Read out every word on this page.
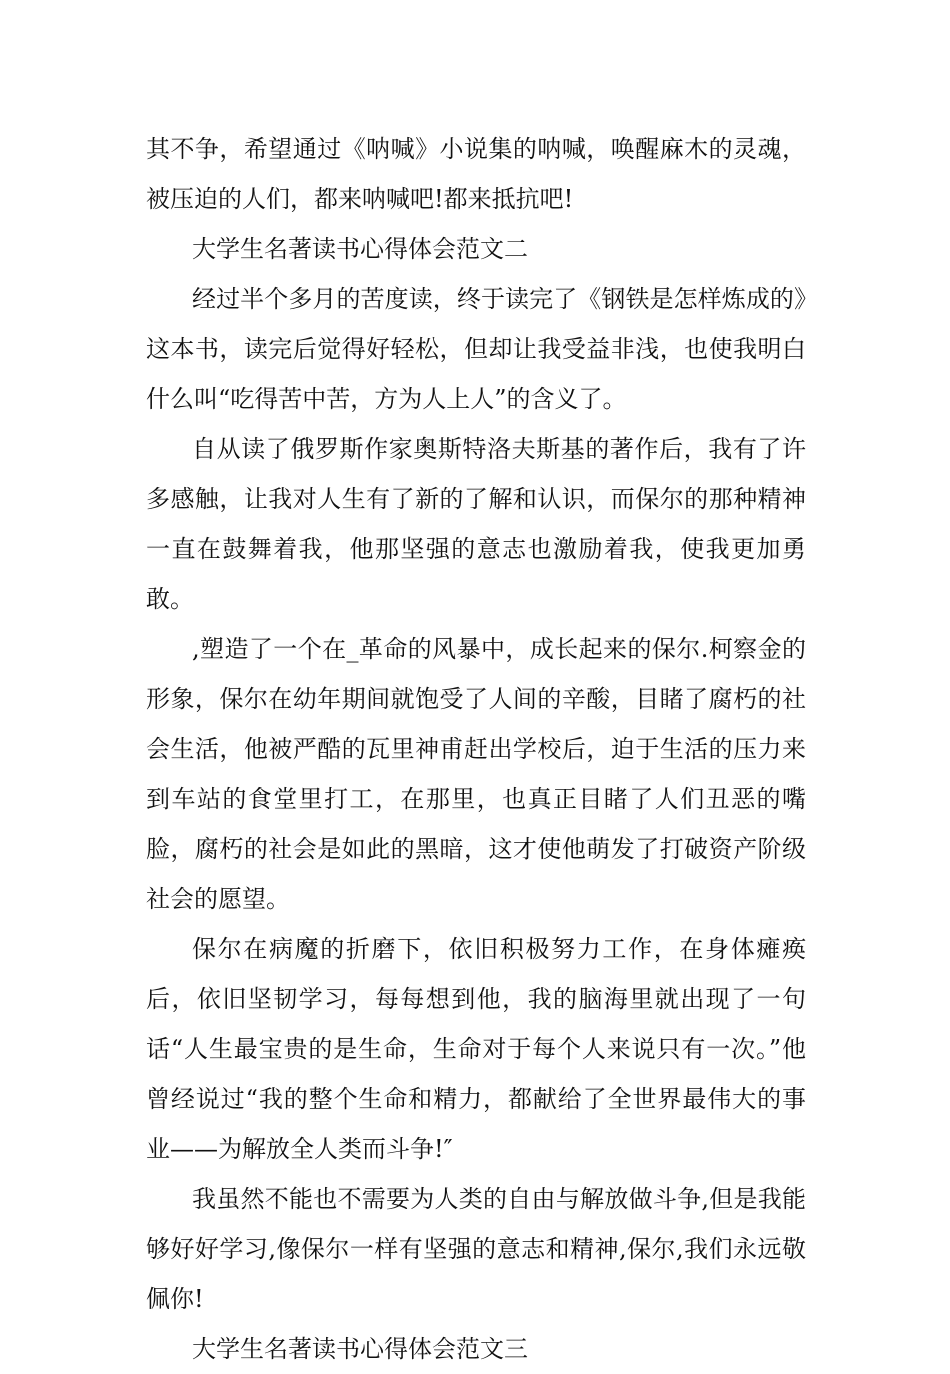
其不争，希望通过《呐喊》小说集的呐喊，唤醒麻木的灵魂，被压迫的人们，都来呐喊吧!都来抵抗吧!

大学生名著读书心得体会范文二

经过半个多月的苦度读，终于读完了《钢铁是怎样炼成的》这本书，读完后觉得好轻松，但却让我受益非浅，也使我明白什么叫“吃得苦中苦，方为人上人”的含义了。

自从读了俄罗斯作家奥斯特洛夫斯基的著作后，我有了许多感触，让我对人生有了新的了解和认识，而保尔的那种精神一直在鼓舞着我，他那坚强的意志也激励着我，使我更加勇敢。

,塑造了一个在_革命的风暴中，成长起来的保尔.柯察金的形象，保尔在幼年期间就饱受了人间的辛酸，目睹了腐朽的社会生活，他被严酷的瓦里神甫赶出学校后，迫于生活的压力来到车站的食堂里打工，在那里，也真正目睹了人们丑恶的嘴脸，腐朽的社会是如此的黑暗，这才使他萌发了打破资产阶级社会的愿望。

保尔在病魔的折磨下，依旧积极努力工作，在身体瘫痪后，依旧坚韧学习，每每想到他，我的脑海里就出现了一句话“人生最宝贵的是生命，生命对于每个人来说只有一次。”他曾经说过“我的整个生命和精力，都献给了全世界最伟大的事业——为解放全人类而斗争!″

我虽然不能也不需要为人类的自由与解放做斗争,但是我能够好好学习,像保尔一样有坚强的意志和精神,保尔,我们永远敬佩你!

大学生名著读书心得体会范文三
